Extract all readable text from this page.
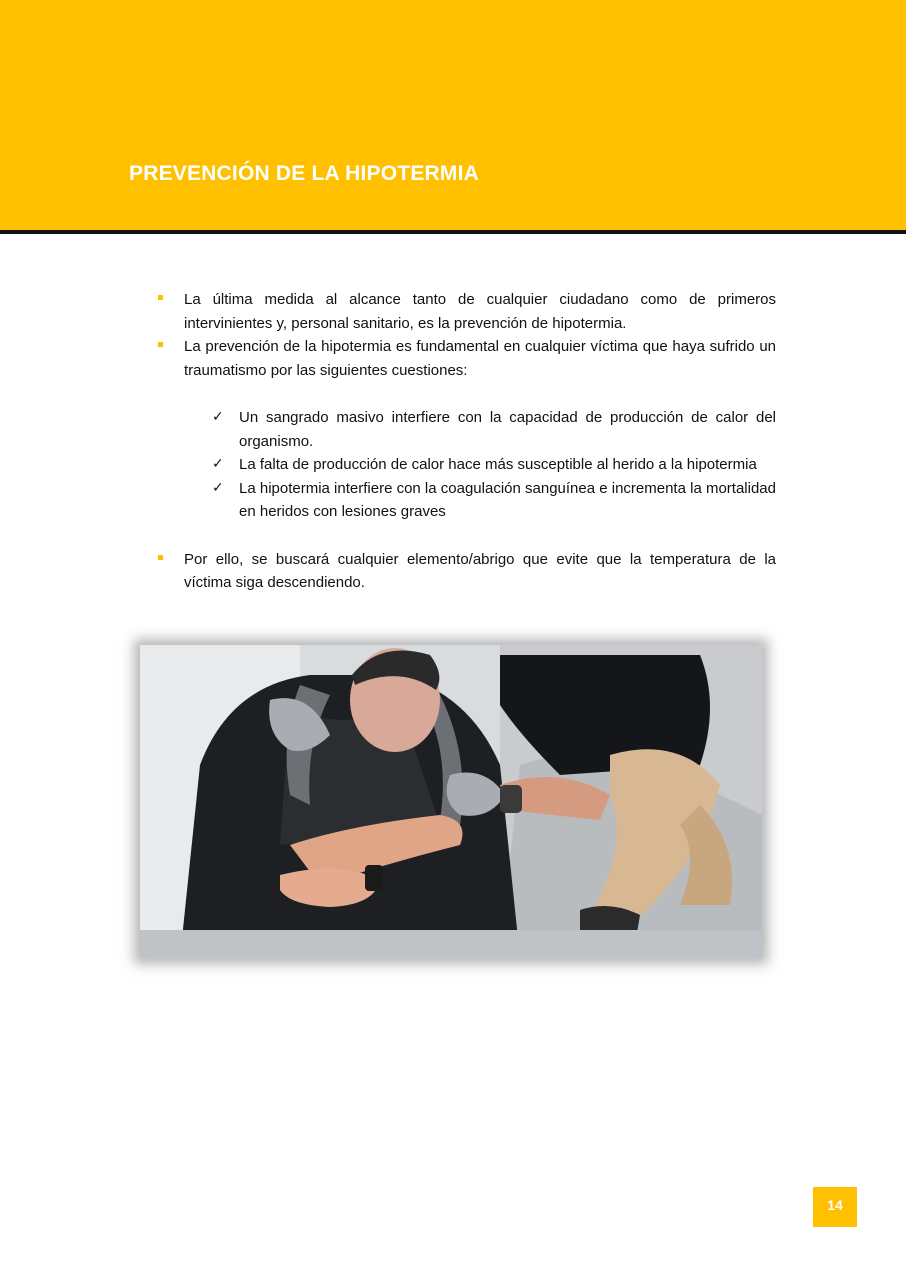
PREVENCIÓN DE LA HIPOTERMIA
La última medida al alcance tanto de cualquier ciudadano como de primeros intervinientes y, personal sanitario, es la prevención de hipotermia.
La prevención de la hipotermia es fundamental en cualquier víctima que haya sufrido un traumatismo por las siguientes cuestiones:
✓ Un sangrado masivo interfiere con la capacidad de producción de calor del organismo.
✓ La falta de producción de calor hace más susceptible al herido a la hipotermia
✓ La hipotermia interfiere con la coagulación sanguínea e incrementa la mortalidad en heridos con lesiones graves
Por ello, se buscará cualquier elemento/abrigo que evite que la temperatura de la víctima siga descendiendo.
14
